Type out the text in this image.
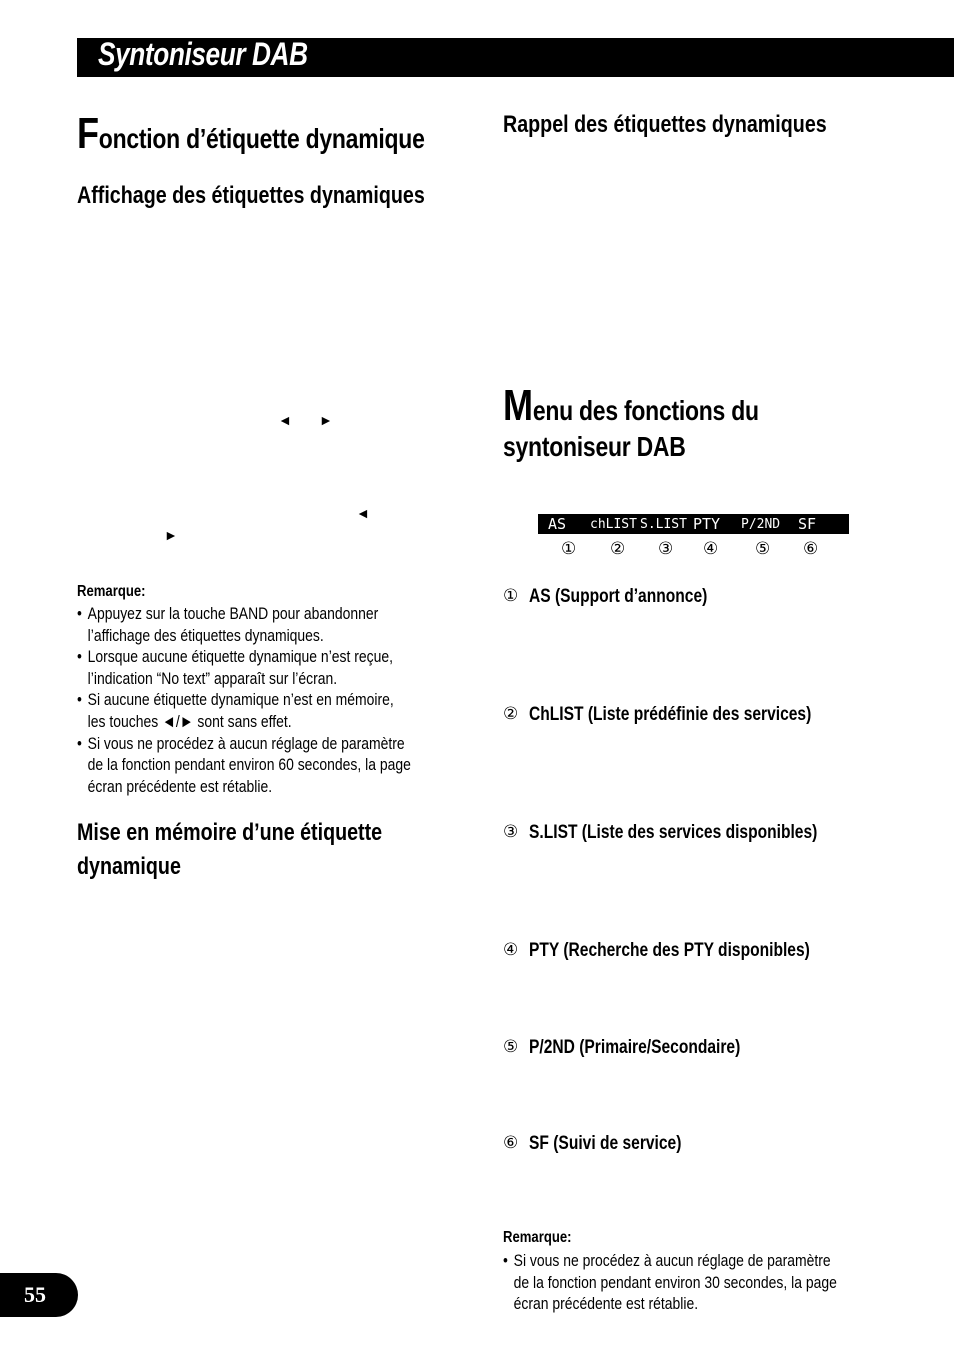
Syntoniseur DAB
Fonction d’étiquette dynamique
Affichage des étiquettes dynamiques
◄ ►
◄
►
Remarque:
• Appuyez sur la touche BAND pour abandonner
l’affichage des étiquettes dynamiques.
• Lorsque aucune étiquette dynamique n’est reçue,
l’indication “No text” apparaît sur l’écran.
• Si aucune étiquette dynamique n’est en mémoire,
les touches ◄/► sont sans effet.
• Si vous ne procédez à aucun réglage de paramètre
de la fonction pendant environ 60 secondes, la page
écran précédente est rétablie.
Mise en mémoire d’une étiquette
dynamique
Rappel des étiquettes dynamiques
Menu des fonctions du
syntoniseur DAB
AS chLIST S.LIST PTY P/2ND SF
① ② ③ ④ ⑤ ⑥
① AS (Support d’annonce)
② ChLIST (Liste prédéfinie des services)
③ S.LIST (Liste des services disponibles)
④ PTY (Recherche des PTY disponibles)
⑤ P/2ND (Primaire/Secondaire)
⑥ SF (Suivi de service)
Remarque:
• Si vous ne procédez à aucun réglage de paramètre
de la fonction pendant environ 30 secondes, la page
écran précédente est rétablie.
55
